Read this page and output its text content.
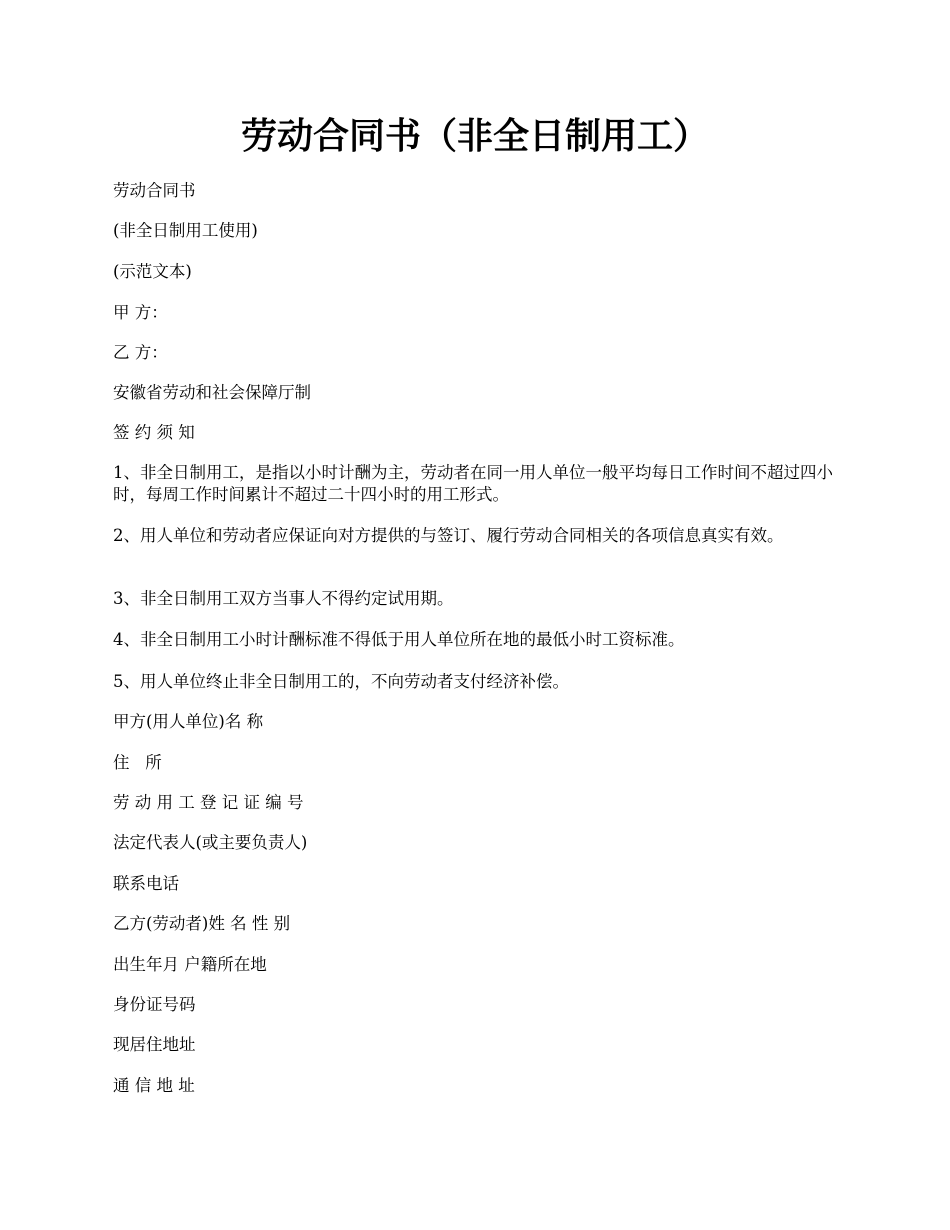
劳动合同书（非全日制用工）

劳动合同书

(非全日制用工使用)

(示范文本)

甲 方：

乙 方：

安徽省劳动和社会保障厅制

签 约 须 知

1、非全日制用工，是指以小时计酬为主，劳动者在同一用人单位一般平均每日工作时间不超过四小时，每周工作时间累计不超过二十四小时的用工形式。

2、用人单位和劳动者应保证向对方提供的与签订、履行劳动合同相关的各项信息真实有效。

3、非全日制用工双方当事人不得约定试用期。

4、非全日制用工小时计酬标准不得低于用人单位所在地的最低小时工资标准。

5、用人单位终止非全日制用工的，不向劳动者支付经济补偿。

甲方(用人单位)名 称

住 所

劳 动 用 工 登 记 证 编 号

法定代表人(或主要负责人)

联系电话

乙方(劳动者)姓 名 性 别

出生年月 户籍所在地

身份证号码

现居住地址

通 信 地 址
